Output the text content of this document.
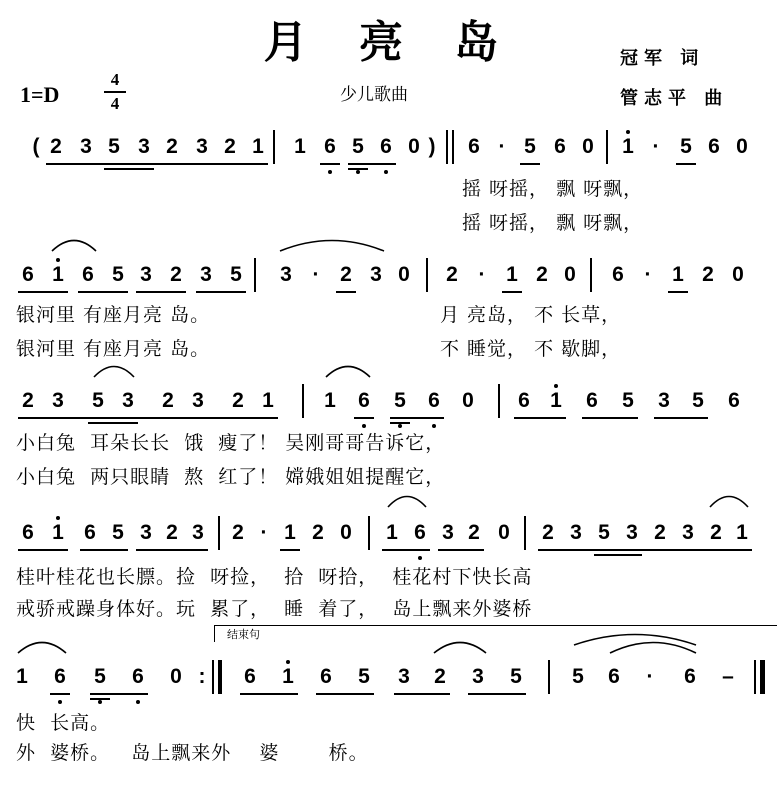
月 亮 岛
1=D
4
4	少儿歌曲
冠军 词
管志平 曲
( 2 3 5 3 2 3 2 1 1 6 5 6 0 )	6 · 5 6 0 1 · 5 6 0
6 1 6 5 3 2 3 5 3 · 2 3 0 2 · 1 2 0 6 · 1 2 0
2 3 5 3 2 3 2 1 1 6 5 6 0 6 1 6 5 3 5 6
6 1 6 5 3 2 3 2 · 1 2 0 1 6 3 2 0 2 3 5 3 2 3 2 1
1 6 5 6 0 :	6 1 6 5 3 2 3 5 5 6	·	6 –
摇 呀摇， 飘 呀飘，
摇 呀摇， 飘 呀飘，
银河里 有座月亮 岛。	月 亮岛， 不 长草，
银河里 有座月亮 岛。	不 睡觉， 不 歇脚，
小白兔  耳朵长长  饿  瘦了！ 吴刚哥哥告诉它，
小白兔  两只眼睛  熬  红了！ 嫦娥姐姐提醒它，
桂叶桂花也长膘。捡  呀捡，  拾  呀拾，  桂花村下快长高
戒骄戒躁身体好。玩  累了，  睡  着了，  岛上飘来外婆桥
结束句
快  长高。
外  婆桥。   岛上飘来外    婆       桥。
